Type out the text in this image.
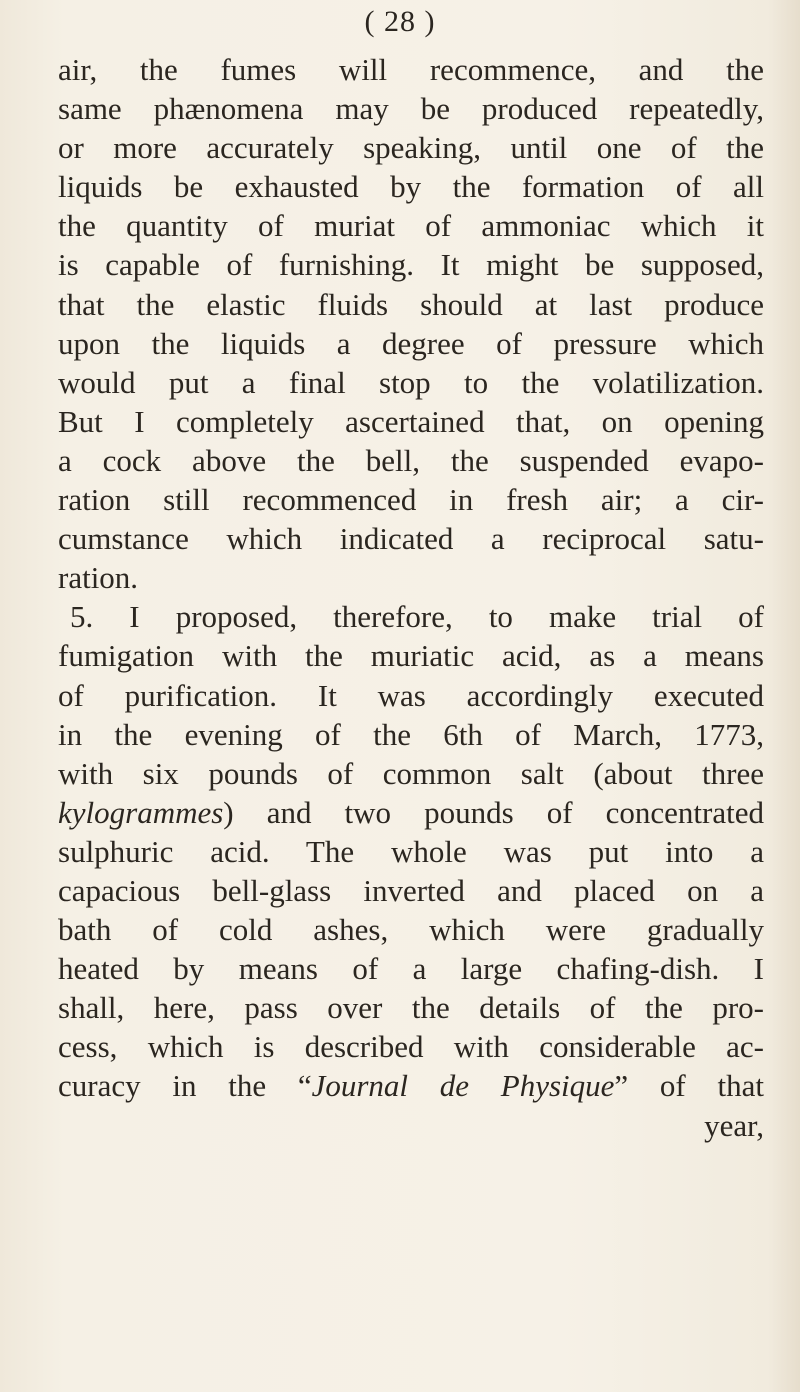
( 28 )
air, the fumes will recommence, and the
same phænomena may be produced repeatedly,
or more accurately speaking, until one of the
liquids be exhausted by the formation of all
the quantity of muriat of ammoniac which it
is capable of furnishing. It might be supposed,
that the elastic fluids should at last produce
upon the liquids a degree of pressure which
would put a final stop to the volatilization.
But I completely ascertained that, on opening
a cock above the bell, the suspended evapo-
ration still recommenced in fresh air; a cir-
cumstance which indicated a reciprocal satu-
ration.
5. I proposed, therefore, to make trial of
fumigation with the muriatic acid, as a means
of purification. It was accordingly executed
in the evening of the 6th of March, 1773,
with six pounds of common salt (about three
kylogrammes) and two pounds of concentrated
sulphuric acid. The whole was put into a
capacious bell-glass inverted and placed on a
bath of cold ashes, which were gradually
heated by means of a large chafing-dish. I
shall, here, pass over the details of the pro-
cess, which is described with considerable ac-
curacy in the “Journal de Physique” of that
year,
